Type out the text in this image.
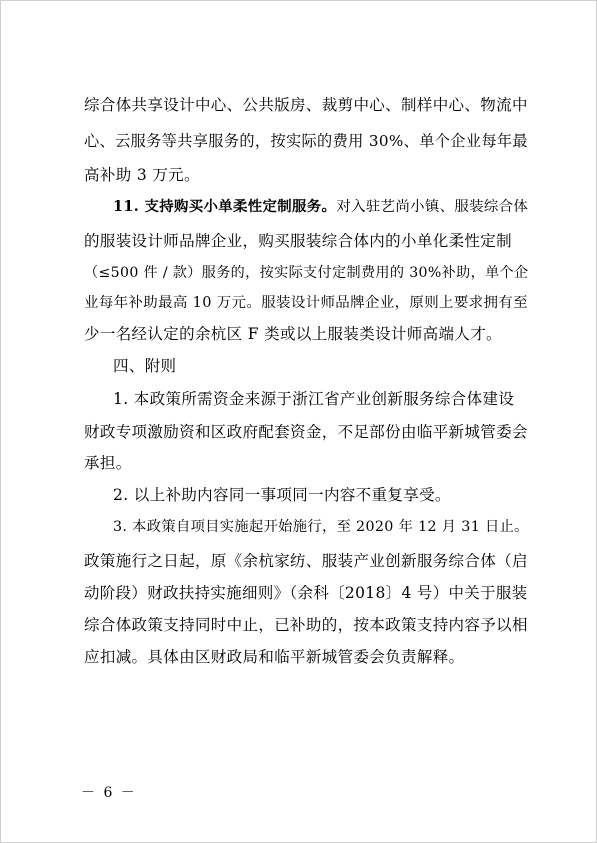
综合体共享设计中心、公共版房、裁剪中心、制样中心、物流中
心、云服务等共享服务的，按实际的费用 30%、单个企业每年最
高补助 3 万元。
11. 支持购买小单柔性定制服务。对入驻艺尚小镇、服装综合体
的服装设计师品牌企业，购买服装综合体内的小单化柔性定制
（≤500 件 / 款）服务的，按实际支付定制费用的 30%补助，单个企
业每年补助最高 10 万元。服装设计师品牌企业，原则上要求拥有至
少一名经认定的余杭区 F 类或以上服装类设计师高端人才。
四、附则
1. 本政策所需资金来源于浙江省产业创新服务综合体建设
财政专项激励资和区政府配套资金，不足部份由临平新城管委会
承担。
2. 以上补助内容同一事项同一内容不重复享受。
3. 本政策自项目实施起开始施行，至 2020 年 12 月 31 日止。
政策施行之日起，原《余杭家纺、服装产业创新服务综合体（启
动阶段）财政扶持实施细则》（余科〔2018〕4 号）中关于服装
综合体政策支持同时中止，已补助的，按本政策支持内容予以相
应扣减。具体由区财政局和临平新城管委会负责解释。
－ 6 －
